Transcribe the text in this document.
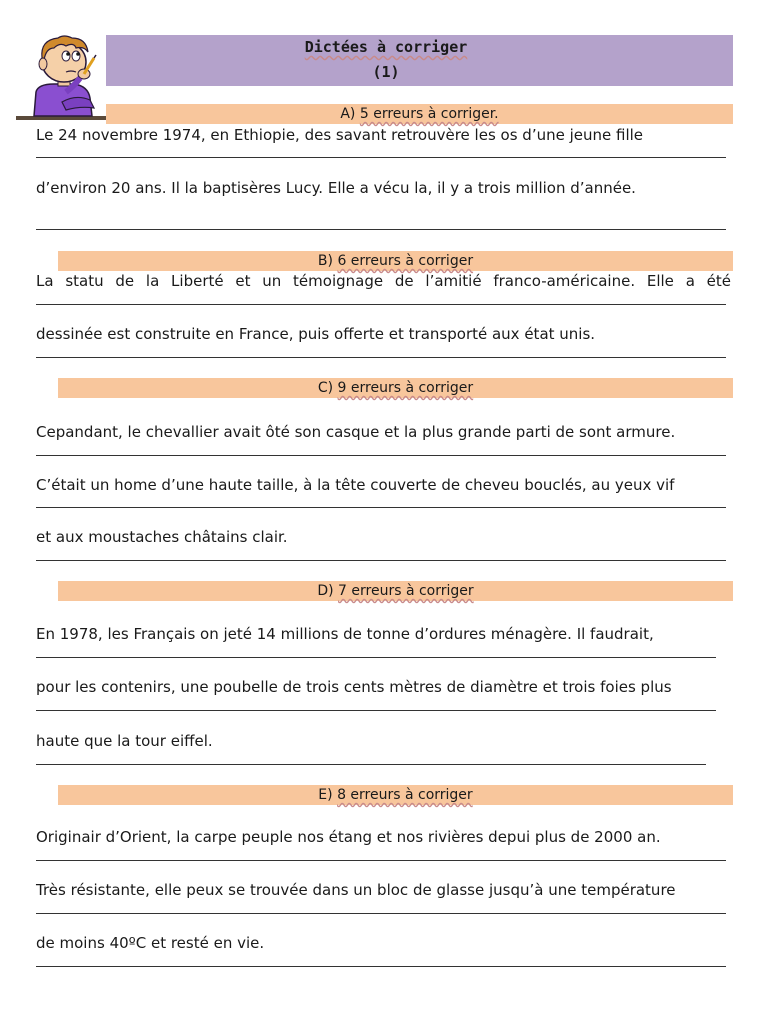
Dictées à corriger
(1)
A) 5 erreurs à corriger.
Le 24 novembre 1974, en Ethiopie, des savant retrouvère les os d’une jeune fille
d’environ 20 ans. Il la baptisères Lucy. Elle a vécu la, il y a trois million d’année.
B) 6 erreurs à corriger
La statu de la Liberté et un témoignage de l’amitié franco-américaine. Elle a été
dessinée est construite en France, puis offerte et transporté aux état unis.
C) 9 erreurs à corriger
Cepandant, le chevallier avait ôté son casque et la plus grande parti de sont armure.
C’était un home d’une haute taille, à la tête couverte de cheveu bouclés, au yeux vif
et aux moustaches châtains clair.
D) 7 erreurs à corriger
En 1978, les Français on jeté 14 millions de tonne d’ordures ménagère. Il faudrait,
pour les contenirs, une poubelle de trois cents mètres de diamètre et trois foies plus
haute que la tour eiffel.
E) 8 erreurs à corriger
Originair d’Orient, la carpe peuple nos étang et nos rivières depui plus de 2000 an.
Très résistante, elle peux se trouvée dans un bloc de glasse jusqu’à une température
de moins 40ºC et resté en vie.
